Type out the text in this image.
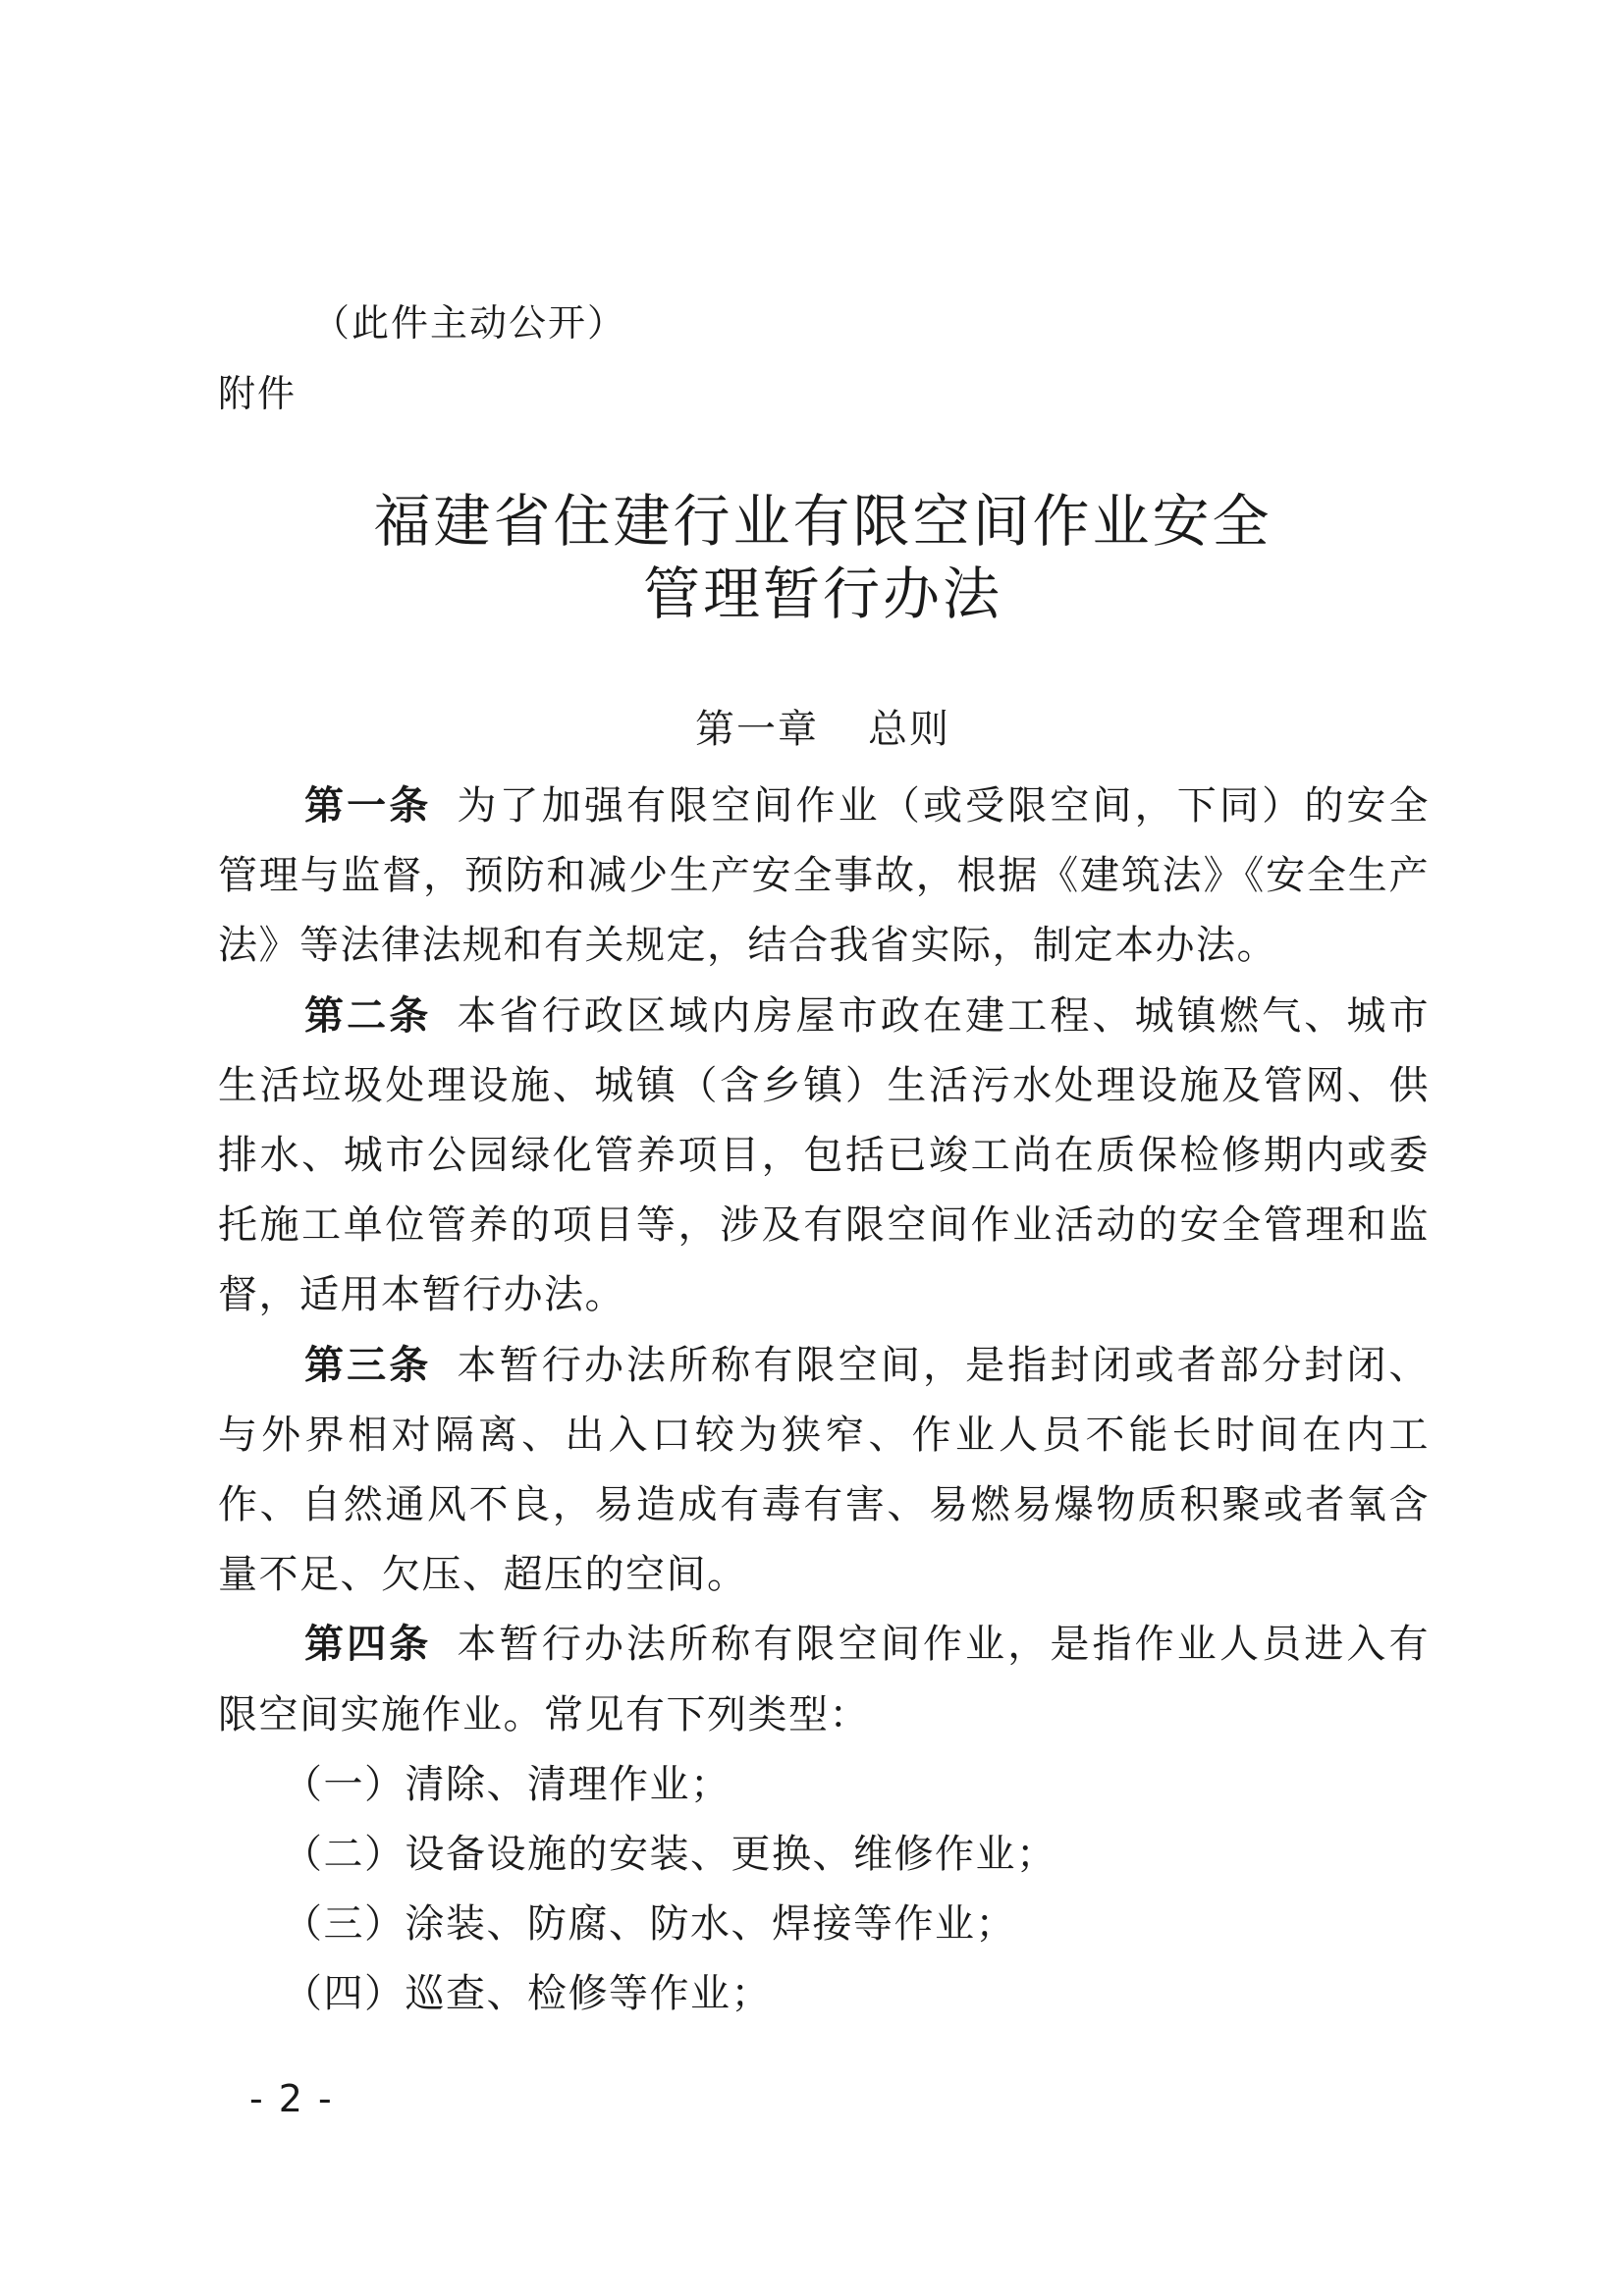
（此件主动公开）
附件
福建省住建行业有限空间作业安全
管理暂行办法
第一章 总则

第一条 为了加强有限空间作业（或受限空间，下同）的安全管理与监督，预防和减少生产安全事故，根据《建筑法》《安全生产法》等法律法规和有关规定，结合我省实际，制定本办法。

第二条 本省行政区域内房屋市政在建工程、城镇燃气、城市生活垃圾处理设施、城镇（含乡镇）生活污水处理设施及管网、供排水、城市公园绿化管养项目，包括已竣工尚在质保检修期内或委托施工单位管养的项目等，涉及有限空间作业活动的安全管理和监督，适用本暂行办法。

第三条 本暂行办法所称有限空间，是指封闭或者部分封闭、与外界相对隔离、出入口较为狭窄、作业人员不能长时间在内工作、自然通风不良，易造成有毒有害、易燃易爆物质积聚或者氧含量不足、欠压、超压的空间。

第四条 本暂行办法所称有限空间作业，是指作业人员进入有限空间实施作业。常见有下列类型：

（一）清除、清理作业；
（二）设备设施的安装、更换、维修作业；
（三）涂装、防腐、防水、焊接等作业；
（四）巡查、检修等作业；
- 2 -
